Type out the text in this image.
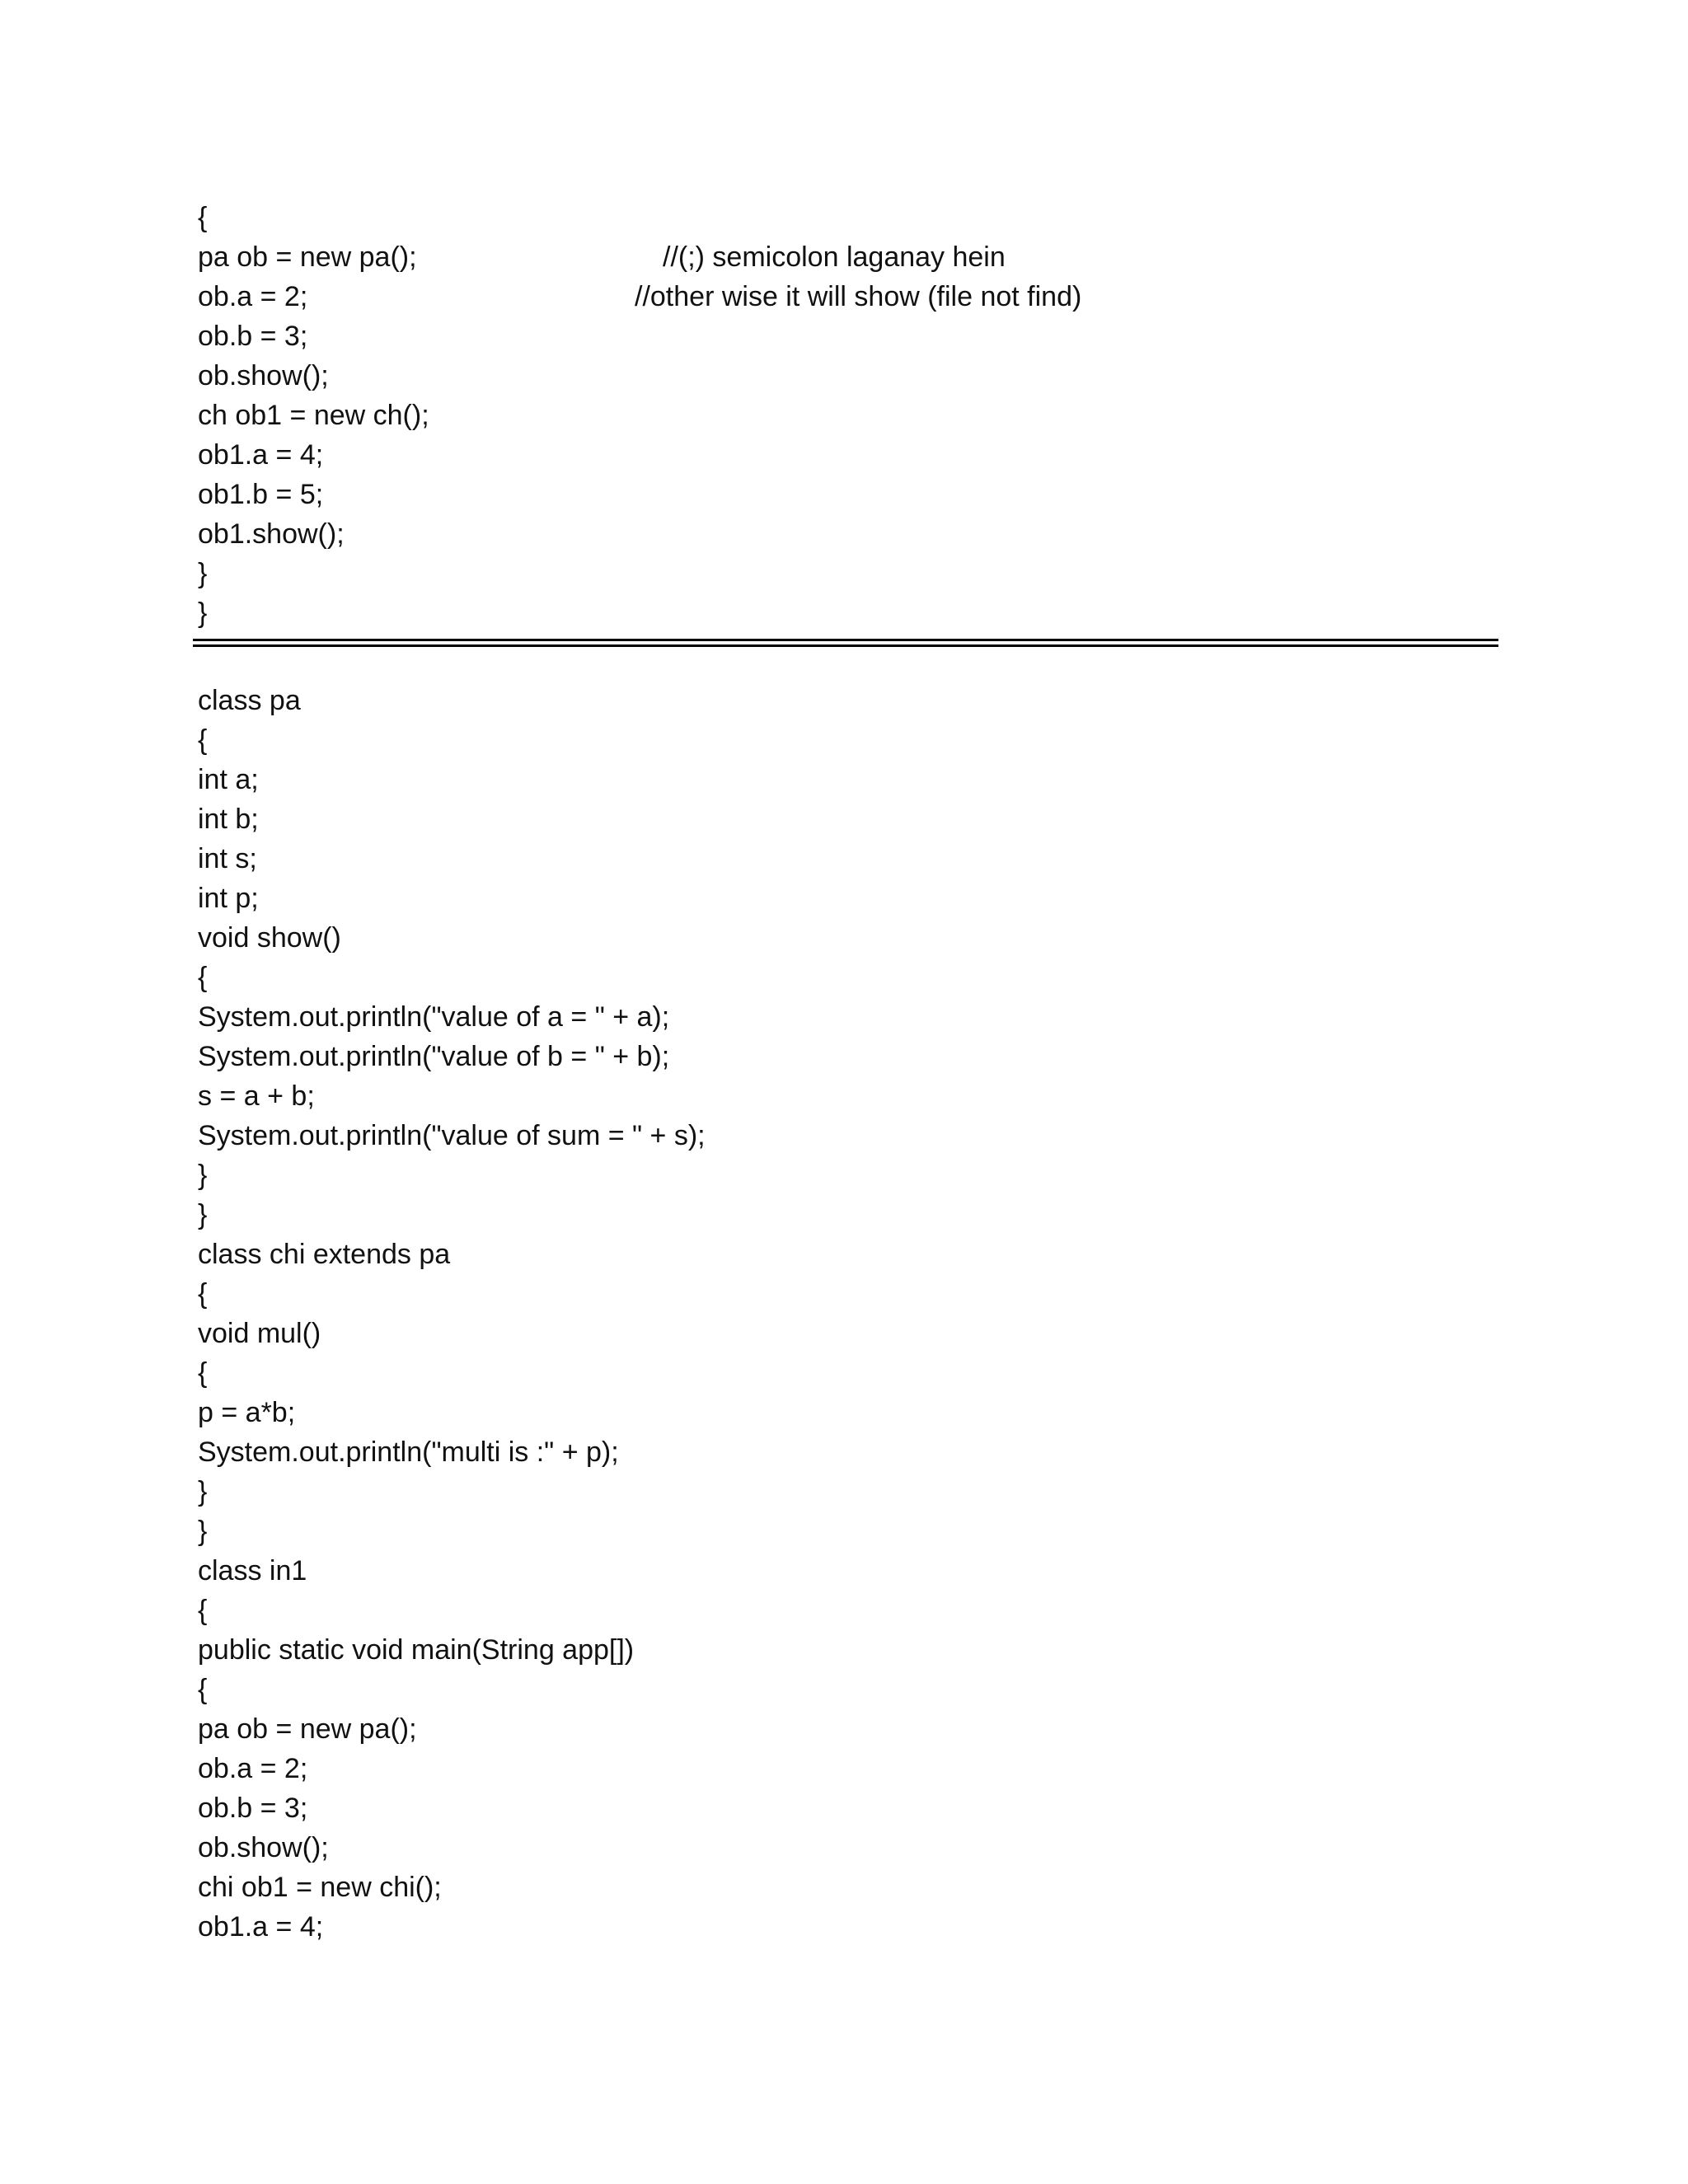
{
pa ob = new pa();
ob.a = 2;
ob.b = 3;
ob.show();
ch ob1 = new ch();
ob1.a = 4;
ob1.b = 5;
ob1.show();
}
}
//(;) semicolon laganay hein
//other wise it will show (file not find)
class pa
{
int a;
int b;
int s;
int p;
void show()
{
System.out.println("value of a = " + a);
System.out.println("value of b = " + b);
s = a + b;
System.out.println("value of sum = " + s);
}
}
class chi extends pa
{
void mul()
{
p = a*b;
System.out.println("multi is :" + p);
}
}
class in1
{
public static void main(String app[])
{
pa ob = new pa();
ob.a = 2;
ob.b = 3;
ob.show();
chi ob1 = new chi();
ob1.a = 4;
